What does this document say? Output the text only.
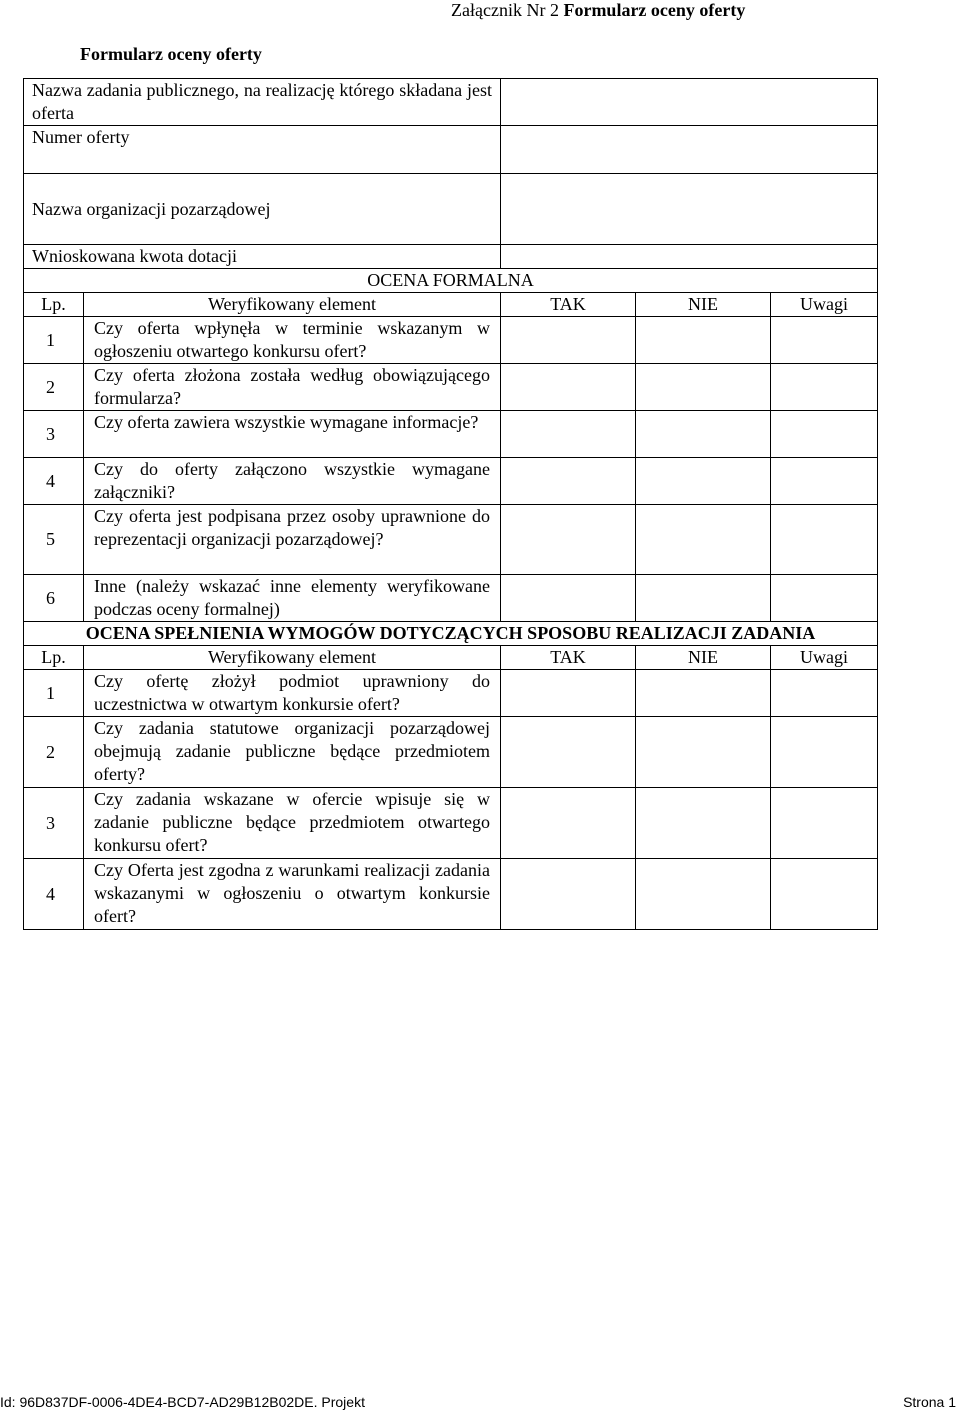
Załącznik Nr 2 Formularz oceny oferty
Formularz oceny oferty
Nazwa zadania publicznego, na realizację którego składana jest oferta				
Numer oferty				

Nazwa organizacji pozarządowej				
Wnioskowana kwota dotacji				
OCENA FORMALNA				
Lp.	Weryfikowany element	TAK	NIE	Uwagi
1	Czy oferta wpłynęła w terminie wskazanym w ogłoszeniu otwartego konkursu ofert?			

2	Czy oferta złożona została według obowiązującego formularza?			

3	Czy oferta zawiera wszystkie wymagane informacje?			

4	Czy do oferty załączono wszystkie wymagane załączniki?			

5	Czy oferta jest podpisana przez osoby uprawnione do reprezentacji organizacji pozarządowej?			

6	Inne (należy wskazać inne elementy weryfikowane podczas oceny formalnej)			

OCENA SPEŁNIENIA WYMOGÓW DOTYCZĄCYCH SPOSOBU REALIZACJI ZADANIA				
Lp.	Weryfikowany element	TAK	NIE	Uwagi
1	Czy ofertę złożył podmiot uprawniony do uczestnictwa w otwartym konkursie ofert?			

2	Czy zadania statutowe organizacji pozarządowej obejmują zadanie publiczne będące przedmiotem oferty?			

3	Czy zadania wskazane w ofercie wpisuje się w zadanie publiczne będące przedmiotem otwartego konkursu ofert?			

4	Czy Oferta jest zgodna z warunkami realizacji zadania wskazanymi w ogłoszeniu o otwartym konkursie ofert?			

Id: 96D837DF-0006-4DE4-BCD7-AD29B12B02DE. Projekt	Strona 1
